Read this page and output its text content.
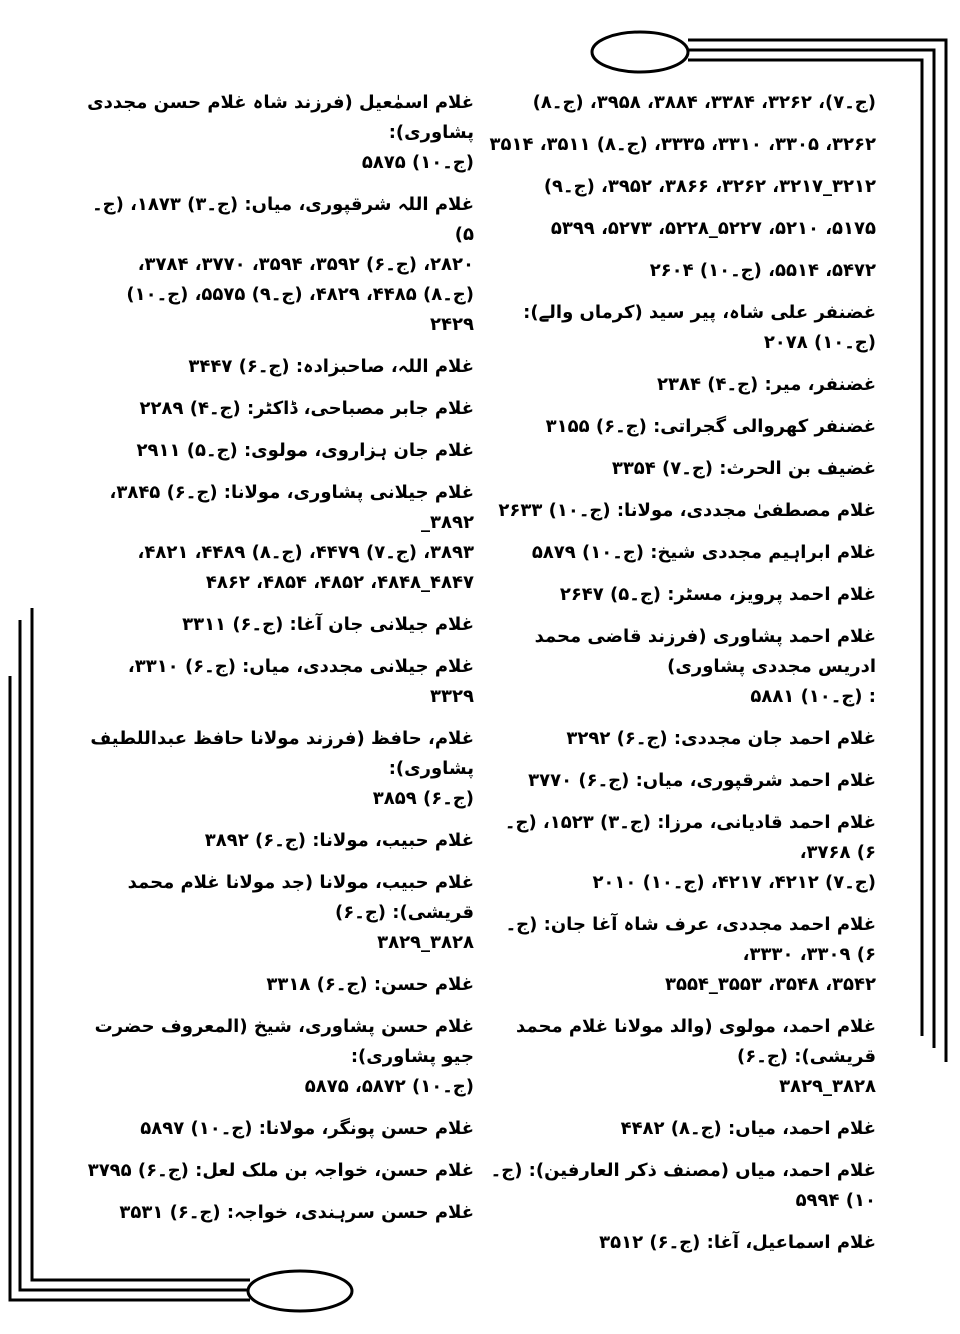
(ج۔۷)، ۳۲۶۲، ۳۳۸۴، ۳۸۸۴، ۳۹۵۸، (ج۔۸)
۳۲۶۲، ۳۳۰۵، ۳۳۱۰، ۳۳۳۵، (ج۔۸) ۳۵۱۱، ۳۵۱۴
۳۲۱۲_۳۲۱۷، ۳۲۶۲، ۳۸۶۶، ۳۹۵۲، (ج۔۹)
۵۱۷۵، ۵۲۱۰، ۵۲۲۷_۵۲۲۸، ۵۲۷۳، ۵۳۹۹
۵۴۷۲، ۵۵۱۴، (ج۔۱۰) ۲۶۰۴
غضنفر علی شاہ، پیر سید (کرماں والے): (ج۔۱۰) ۲۰۷۸
غضنفر، میر: (ج۔۴) ۲۳۸۴
غضنفر کھروالی گجراتی: (ج۔۶) ۳۱۵۵
غضیف بن الحرث: (ج۔۷) ۳۳۵۴
غلام مصطفیٰ مجددی، مولانا: (ج۔۱۰) ۲۶۳۳
غلام ابراہیم مجددی شیخ: (ج۔۱۰) ۵۸۷۹
غلام احمد پرویز، مسٹر: (ج۔۵) ۲۶۴۷
غلام احمد پشاوری (فرزند قاضی محمد ادریس مجددی پشاوری)
: (ج۔۱۰) ۵۸۸۱
غلام احمد جان مجددی: (ج۔۶) ۳۲۹۲
غلام احمد شرقپوری، میاں: (ج۔۶) ۳۷۷۰
غلام احمد قادیانی، مرزا: (ج۔۳) ۱۵۲۳، (ج۔۶) ۳۷۶۸،
(ج۔۷) ۴۲۱۲، ۴۲۱۷، (ج۔۱۰) ۲۰۱۰
غلام احمد مجددی، عرف شاہ آغا جان: (ج۔۶) ۳۳۰۹، ۳۳۳۰،
۳۵۴۲، ۳۵۴۸، ۳۵۵۳_۳۵۵۴
غلام احمد، مولوی (والد مولانا غلام محمد قریشی): (ج۔۶)
۳۸۲۸_۳۸۲۹
غلام احمد، میاں: (ج۔۸) ۴۴۸۲
غلام احمد، میاں (مصنف ذکر العارفین): (ج۔۱۰) ۵۹۹۴
غلام اسماعیل، آغا: (ج۔۶) ۳۵۱۲
غلام اسمٰعیل (فرزند شاہ غلام حسن مجددی پشاوری):
(ج۔۱۰) ۵۸۷۵
غلام اللہ شرقپوری، میاں: (ج۔۳) ۱۸۷۳، (ج۔۵)
۲۸۲۰، (ج۔۶) ۳۵۹۲، ۳۵۹۴، ۳۷۷۰، ۳۷۸۴،
(ج۔۸) ۴۴۸۵، ۴۸۲۹، (ج۔۹) ۵۵۷۵، (ج۔۱۰)
۲۴۲۹
غلام اللہ، صاحبزادہ: (ج۔۶) ۳۴۴۷
غلام جابر مصباحی، ڈاکٹر: (ج۔۴) ۲۲۸۹
غلام جان ہزاروی، مولوی: (ج۔۵) ۲۹۱۱
غلام جیلانی پشاوری، مولانا: (ج۔۶) ۳۸۴۵، ۳۸۹۲_
۳۸۹۳، (ج۔۷) ۴۴۷۹، (ج۔۸) ۴۴۸۹، ۴۸۲۱،
۴۸۴۷_۴۸۴۸، ۴۸۵۲، ۴۸۵۴، ۴۸۶۲
غلام جیلانی جان آغا: (ج۔۶) ۳۳۱۱
غلام جیلانی مجددی، میاں: (ج۔۶) ۳۳۱۰، ۳۳۲۹
غلام، حافظ (فرزند مولانا حافظ عبداللطیف پشاوری):
(ج۔۶) ۳۸۵۹
غلام حبیب، مولانا: (ج۔۶) ۳۸۹۲
غلام حبیب، مولانا (جد مولانا غلام محمد قریشی): (ج۔۶)
۳۸۲۸_۳۸۲۹
غلام حسن: (ج۔۶) ۳۳۱۸
غلام حسن پشاوری، شیخ (المعروف حضرت جیو پشاوری):
(ج۔۱۰) ۵۸۷۲، ۵۸۷۵
غلام حسن پونگر، مولانا: (ج۔۱۰) ۵۸۹۷
غلام حسن، خواجہ بن ملک لعل: (ج۔۶) ۳۷۹۵
غلام حسن سرہندی، خواجہ: (ج۔۶) ۳۵۳۱
